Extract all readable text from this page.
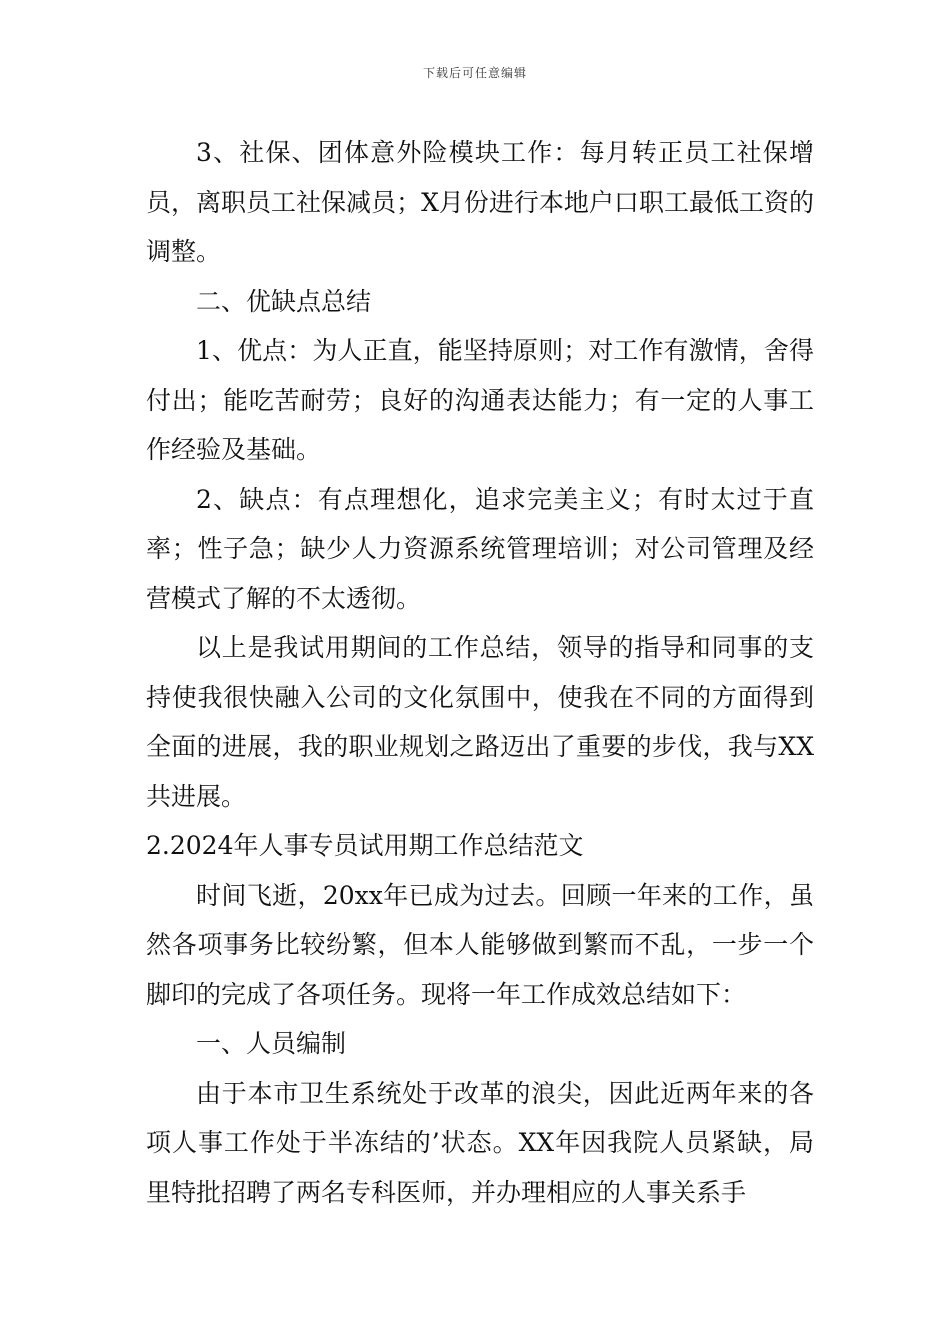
下载后可任意编辑

3、社保、团体意外险模块工作：每月转正员工社保增员，离职员工社保减员；X月份进行本地户口职工最低工资的调整。

二、优缺点总结

1、优点：为人正直，能坚持原则；对工作有激情，舍得付出；能吃苦耐劳；良好的沟通表达能力；有一定的人事工作经验及基础。

2、缺点：有点理想化，追求完美主义；有时太过于直率；性子急；缺少人力资源系统管理培训；对公司管理及经营模式了解的不太透彻。

以上是我试用期间的工作总结，领导的指导和同事的支持使我很快融入公司的文化氛围中，使我在不同的方面得到全面的进展，我的职业规划之路迈出了重要的步伐，我与XX共进展。

2.2024年人事专员试用期工作总结范文

时间飞逝，20xx年已成为过去。回顾一年来的工作，虽然各项事务比较纷繁，但本人能够做到繁而不乱，一步一个脚印的完成了各项任务。现将一年工作成效总结如下：

一、人员编制

由于本市卫生系统处于改革的浪尖，因此近两年来的各项人事工作处于半冻结的’状态。XX年因我院人员紧缺，局里特批招聘了两名专科医师，并办理相应的人事关系手
